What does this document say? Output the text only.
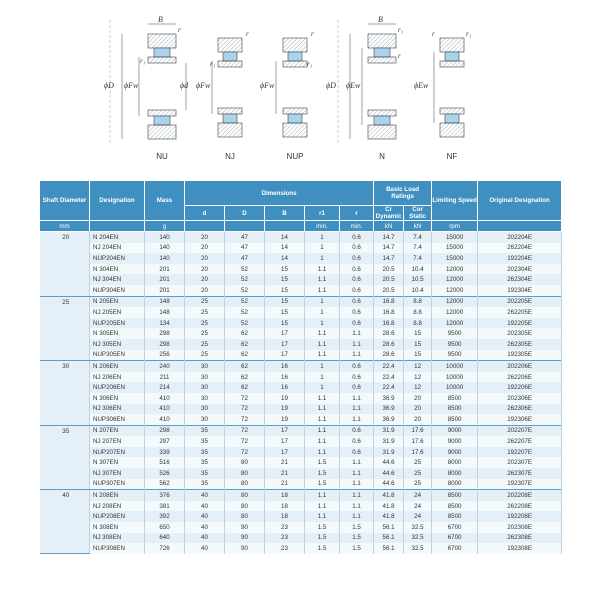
B
r
r₁
ϕD ϕFw	ϕd
r
r₁
ϕFw
r
r₁
ϕFw
B
r₁
r
ϕD ϕEw
r	r₁
ϕEw
NU	NJ	NUP	N	NF
Shaft Diameter	Designation	Mass	Dimensions					Basic Load Ratings		Limiting Speed	Original Designation
			d	D	B	r1	r	Cr Dynamic	Cor Static		
mm		g				min.	min.	kN	kN	rpm	
20	N 204EN	140	20	47	14	1	0.6	14.7	7.4	15000	202204E
	NJ 204EN	140	20	47	14	1	0.6	14.7	7.4	15000	262204E
	NUP204EN	140	20	47	14	1	0.6	14.7	7.4	15000	192204E
	N 304EN	201	20	52	15	1.1	0.6	20.5	10.4	12000	202304E
	NJ 304EN	201	20	52	15	1.1	0.6	20.5	10.5	12000	262304E
	NUP304EN	201	20	52	15	1.1	0.6	20.5	10.4	12000	192304E
25	N 205EN	148	25	52	15	1	0.6	16.8	8.8	12000	202205E
	NJ 205EN	148	25	52	15	1	0.6	16.8	8.8	12000	262205E
	NUP205EN	134	25	52	15	1	0.6	16.8	8.8	12000	192205E
	N 305EN	298	25	62	17	1.1	1.1	28.6	15	9500	202305E
	NJ 305EN	298	25	62	17	1.1	1.1	28.6	15	9500	262305E
	NUP305EN	256	25	62	17	1.1	1.1	28.6	15	9500	192305E
30	N 206EN	240	30	62	16	1	0.6	22.4	12	10000	202206E
	NJ 206EN	211	30	62	16	1	0.6	22.4	12	10000	262206E
	NUP206EN	214	30	62	16	1	0.6	22.4	12	10000	192206E
	N 306EN	410	30	72	19	1.1	1.1	36.9	20	8500	202306E
	NJ 306EN	410	30	72	19	1.1	1.1	36.9	20	8500	262306E
	NUP306EN	410	30	72	19	1.1	1.1	36.9	20	8500	192306E
35	N 207EN	298	35	72	17	1.1	0.6	31.9	17.6	9000	202207E
	NJ 207EN	297	35	72	17	1.1	0.6	31.9	17.6	9000	262207E
	NUP207EN	339	35	72	17	1.1	0.6	31.9	17.6	9000	192207E
	N 307EN	516	35	80	21	1.5	1.1	44.6	25	8000	202307E
	NJ 307EN	526	35	80	21	1.5	1.1	44.6	25	8000	262307E
	NUP307EN	562	35	80	21	1.5	1.1	44.6	25	8000	192307E
40	N 208EN	376	40	80	18	1.1	1.1	41.8	24	8500	202208E
	NJ 208EN	381	40	80	18	1.1	1.1	41.8	24	8500	262208E
	NUP208EN	392	40	80	18	1.1	1.1	41.8	24	8500	192208E
	N 308EN	650	40	90	23	1.5	1.5	56.1	32.5	6700	202308E
	NJ 308EN	640	40	90	23	1.5	1.5	56.1	32.5	6700	262308E
	NUP308EN	726	40	90	23	1.5	1.5	56.1	32.5	6700	192308E
